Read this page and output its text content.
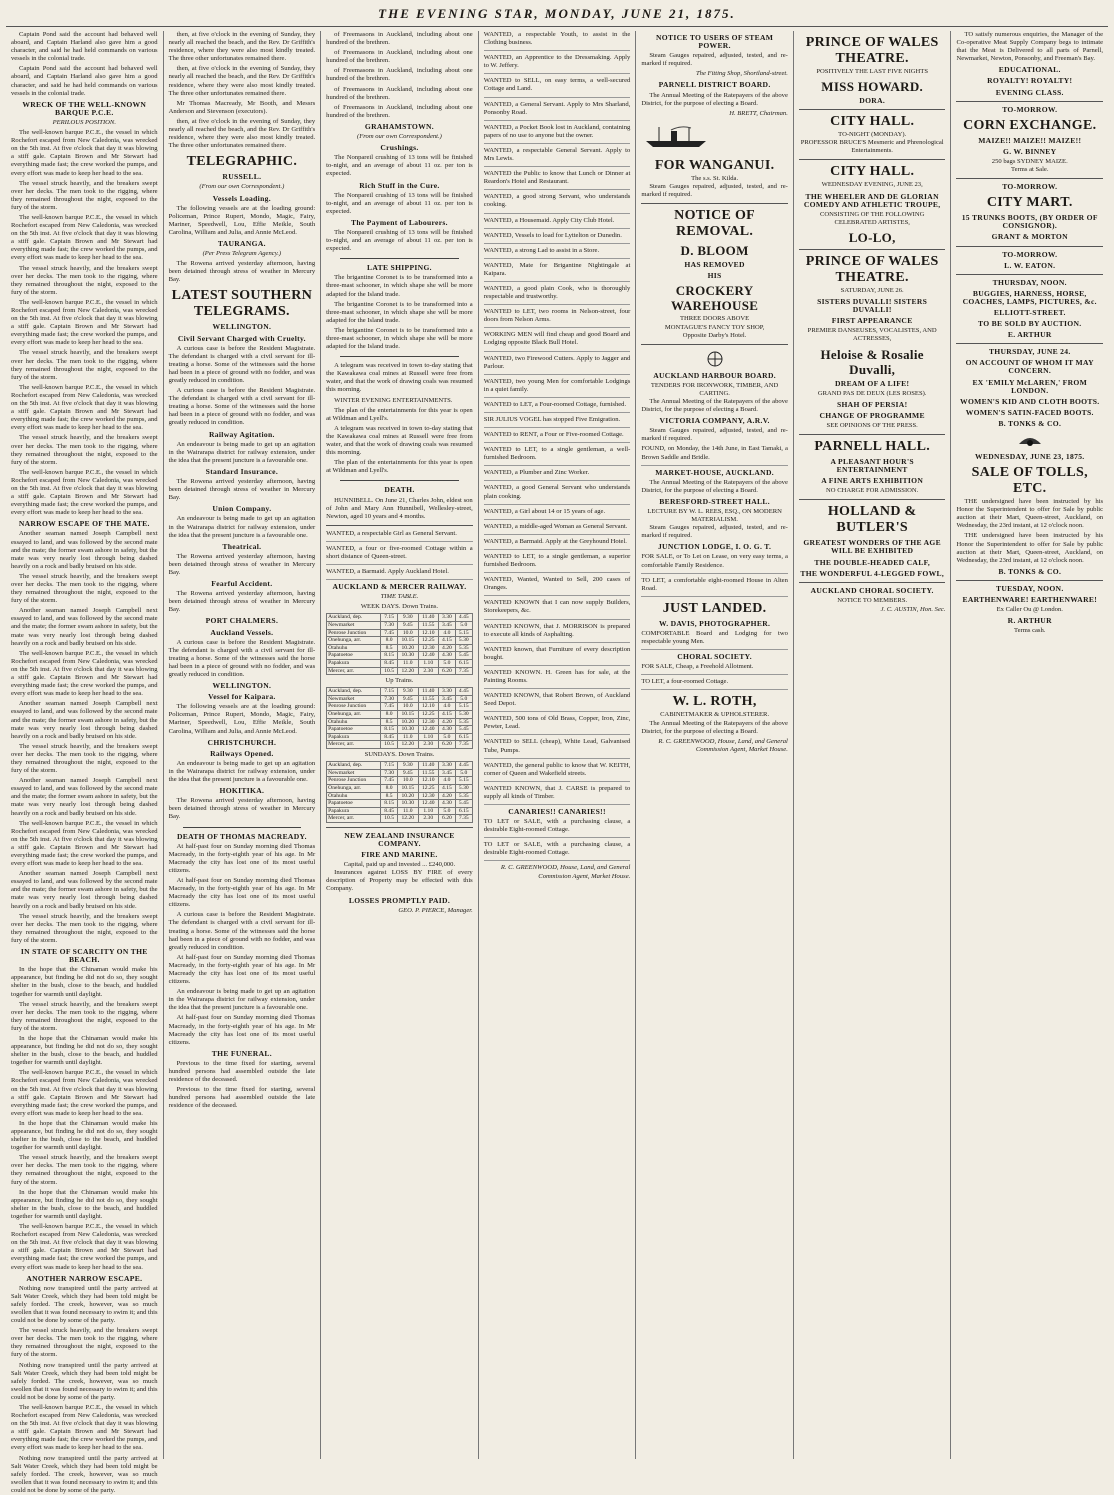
THE EVENING STAR, MONDAY, JUNE 21, 1875.

Captain Pond said the account had behaved well aboard, and Captain Harland also gave him a good character, and said he had held commands on various vessels in the colonial trade.

Captain Pond said the account had behaved well aboard, and Captain Harland also gave him a good character, and said he had held commands on various vessels in the colonial trade.

WRECK OF THE WELL-KNOWN BARQUE P.C.E.
PERILOUS POSITION.

The well-known barque P.C.E., the vessel in which Rochefort escaped from New Caledonia, was wrecked on the 5th inst. At five o'clock that day it was blowing a stiff gale. Captain Brown and Mr Stewart had everything made fast; the crew worked the pumps, and every effort was made to keep her head to the sea.

The vessel struck heavily, and the breakers swept over her decks. The men took to the rigging, where they remained throughout the night, exposed to the fury of the storm.

The well-known barque P.C.E., the vessel in which Rochefort escaped from New Caledonia, was wrecked on the 5th inst. At five o'clock that day it was blowing a stiff gale. Captain Brown and Mr Stewart had everything made fast; the crew worked the pumps, and every effort was made to keep her head to the sea.

The vessel struck heavily, and the breakers swept over her decks. The men took to the rigging, where they remained throughout the night, exposed to the fury of the storm.

The well-known barque P.C.E., the vessel in which Rochefort escaped from New Caledonia, was wrecked on the 5th inst. At five o'clock that day it was blowing a stiff gale. Captain Brown and Mr Stewart had everything made fast; the crew worked the pumps, and every effort was made to keep her head to the sea.

The vessel struck heavily, and the breakers swept over her decks. The men took to the rigging, where they remained throughout the night, exposed to the fury of the storm.

The well-known barque P.C.E., the vessel in which Rochefort escaped from New Caledonia, was wrecked on the 5th inst. At five o'clock that day it was blowing a stiff gale. Captain Brown and Mr Stewart had everything made fast; the crew worked the pumps, and every effort was made to keep her head to the sea.

The vessel struck heavily, and the breakers swept over her decks. The men took to the rigging, where they remained throughout the night, exposed to the fury of the storm.

The well-known barque P.C.E., the vessel in which Rochefort escaped from New Caledonia, was wrecked on the 5th inst. At five o'clock that day it was blowing a stiff gale. Captain Brown and Mr Stewart had everything made fast; the crew worked the pumps, and every effort was made to keep her head to the sea.

NARROW ESCAPE OF THE MATE.

Another seaman named Joseph Campbell next essayed to land, and was followed by the second mate and the mate; the former swam ashore in safety, but the mate was very nearly lost through being dashed heavily on a rock and badly bruised on his side.

The vessel struck heavily, and the breakers swept over her decks. The men took to the rigging, where they remained throughout the night, exposed to the fury of the storm.

Another seaman named Joseph Campbell next essayed to land, and was followed by the second mate and the mate; the former swam ashore in safety, but the mate was very nearly lost through being dashed heavily on a rock and badly bruised on his side.

The well-known barque P.C.E., the vessel in which Rochefort escaped from New Caledonia, was wrecked on the 5th inst. At five o'clock that day it was blowing a stiff gale. Captain Brown and Mr Stewart had everything made fast; the crew worked the pumps, and every effort was made to keep her head to the sea.

Another seaman named Joseph Campbell next essayed to land, and was followed by the second mate and the mate; the former swam ashore in safety, but the mate was very nearly lost through being dashed heavily on a rock and badly bruised on his side.

The vessel struck heavily, and the breakers swept over her decks. The men took to the rigging, where they remained throughout the night, exposed to the fury of the storm.

Another seaman named Joseph Campbell next essayed to land, and was followed by the second mate and the mate; the former swam ashore in safety, but the mate was very nearly lost through being dashed heavily on a rock and badly bruised on his side.

The well-known barque P.C.E., the vessel in which Rochefort escaped from New Caledonia, was wrecked on the 5th inst. At five o'clock that day it was blowing a stiff gale. Captain Brown and Mr Stewart had everything made fast; the crew worked the pumps, and every effort was made to keep her head to the sea.

Another seaman named Joseph Campbell next essayed to land, and was followed by the second mate and the mate; the former swam ashore in safety, but the mate was very nearly lost through being dashed heavily on a rock and badly bruised on his side.

The vessel struck heavily, and the breakers swept over her decks. The men took to the rigging, where they remained throughout the night, exposed to the fury of the storm.

IN STATE OF SCARCITY ON THE BEACH.

In the hope that the Chinaman would make his appearance, but finding he did not do so, they sought shelter in the bush, close to the beach, and huddled together for warmth until daylight.

The vessel struck heavily, and the breakers swept over her decks. The men took to the rigging, where they remained throughout the night, exposed to the fury of the storm.

In the hope that the Chinaman would make his appearance, but finding he did not do so, they sought shelter in the bush, close to the beach, and huddled together for warmth until daylight.

The well-known barque P.C.E., the vessel in which Rochefort escaped from New Caledonia, was wrecked on the 5th inst. At five o'clock that day it was blowing a stiff gale. Captain Brown and Mr Stewart had everything made fast; the crew worked the pumps, and every effort was made to keep her head to the sea.

In the hope that the Chinaman would make his appearance, but finding he did not do so, they sought shelter in the bush, close to the beach, and huddled together for warmth until daylight.

The vessel struck heavily, and the breakers swept over her decks. The men took to the rigging, where they remained throughout the night, exposed to the fury of the storm.

In the hope that the Chinaman would make his appearance, but finding he did not do so, they sought shelter in the bush, close to the beach, and huddled together for warmth until daylight.

The well-known barque P.C.E., the vessel in which Rochefort escaped from New Caledonia, was wrecked on the 5th inst. At five o'clock that day it was blowing a stiff gale. Captain Brown and Mr Stewart had everything made fast; the crew worked the pumps, and every effort was made to keep her head to the sea.

ANOTHER NARROW ESCAPE.

Nothing now transpired until the party arrived at Salt Water Creek, which they had been told might be safely forded. The creek, however, was so much swollen that it was found necessary to swim it; and this could not be done by some of the party.

The vessel struck heavily, and the breakers swept over her decks. The men took to the rigging, where they remained throughout the night, exposed to the fury of the storm.

Nothing now transpired until the party arrived at Salt Water Creek, which they had been told might be safely forded. The creek, however, was so much swollen that it was found necessary to swim it; and this could not be done by some of the party.

The well-known barque P.C.E., the vessel in which Rochefort escaped from New Caledonia, was wrecked on the 5th inst. At five o'clock that day it was blowing a stiff gale. Captain Brown and Mr Stewart had everything made fast; the crew worked the pumps, and every effort was made to keep her head to the sea.

Nothing now transpired until the party arrived at Salt Water Creek, which they had been told might be safely forded. The creek, however, was so much swollen that it was found necessary to swim it; and this could not be done by some of the party.

then, at five o'clock in the evening of Sunday, they nearly all reached the beach, and the Rev. Dr Griffith's residence, where they were also most kindly treated. The three other unfortunates remained there.

then, at five o'clock in the evening of Sunday, they nearly all reached the beach, and the Rev. Dr Griffith's residence, where they were also most kindly treated. The three other unfortunates remained there.

Mr Thomas Macready, Mr Booth, and Messrs Anderson and Stevenson (executors).

then, at five o'clock in the evening of Sunday, they nearly all reached the beach, and the Rev. Dr Griffith's residence, where they were also most kindly treated. The three other unfortunates remained there.

TELEGRAPHIC.
RUSSELL.
(From our own Correspondent.)
Vessels Loading.

The following vessels are at the loading ground: Policeman, Prince Rupert, Mondo, Magic, Fairy, Mariner, Speedwell, Lou, Effie Meikle, South Carolina, William and Julia, and Annie McLeod.

TAURANGA.
(Per Press Telegram Agency.)

The Rowena arrived yesterday afternoon, having been detained through stress of weather in Mercury Bay.

LATEST SOUTHERN TELEGRAMS.
WELLINGTON.
Civil Servant Charged with Cruelty.

A curious case is before the Resident Magistrate. The defendant is charged with a civil servant for ill-treating a horse. Some of the witnesses said the horse had been in a piece of ground with no fodder, and was greatly reduced in condition.

A curious case is before the Resident Magistrate. The defendant is charged with a civil servant for ill-treating a horse. Some of the witnesses said the horse had been in a piece of ground with no fodder, and was greatly reduced in condition.

Railway Agitation.

An endeavour is being made to get up an agitation in the Wairarapa district for railway extension, under the idea that the present juncture is a favourable one.

Standard Insurance.

The Rowena arrived yesterday afternoon, having been detained through stress of weather in Mercury Bay.

Union Company.

An endeavour is being made to get up an agitation in the Wairarapa district for railway extension, under the idea that the present juncture is a favourable one.

Theatrical.

The Rowena arrived yesterday afternoon, having been detained through stress of weather in Mercury Bay.

Fearful Accident.

The Rowena arrived yesterday afternoon, having been detained through stress of weather in Mercury Bay.

PORT CHALMERS.
Auckland Vessels.

A curious case is before the Resident Magistrate. The defendant is charged with a civil servant for ill-treating a horse. Some of the witnesses said the horse had been in a piece of ground with no fodder, and was greatly reduced in condition.

WELLINGTON.
Vessel for Kaipara.

The following vessels are at the loading ground: Policeman, Prince Rupert, Mondo, Magic, Fairy, Mariner, Speedwell, Lou, Effie Meikle, South Carolina, William and Julia, and Annie McLeod.

CHRISTCHURCH.
Railways Opened.

An endeavour is being made to get up an agitation in the Wairarapa district for railway extension, under the idea that the present juncture is a favourable one.

HOKITIKA.

The Rowena arrived yesterday afternoon, having been detained through stress of weather in Mercury Bay.

DEATH OF THOMAS MACREADY.

At half-past four on Sunday morning died Thomas Macready, in the forty-eighth year of his age. In Mr Macready the city has lost one of its most useful citizens.

At half-past four on Sunday morning died Thomas Macready, in the forty-eighth year of his age. In Mr Macready the city has lost one of its most useful citizens.

A curious case is before the Resident Magistrate. The defendant is charged with a civil servant for ill-treating a horse. Some of the witnesses said the horse had been in a piece of ground with no fodder, and was greatly reduced in condition.

At half-past four on Sunday morning died Thomas Macready, in the forty-eighth year of his age. In Mr Macready the city has lost one of its most useful citizens.

An endeavour is being made to get up an agitation in the Wairarapa district for railway extension, under the idea that the present juncture is a favourable one.

At half-past four on Sunday morning died Thomas Macready, in the forty-eighth year of his age. In Mr Macready the city has lost one of its most useful citizens.

THE FUNERAL.

Previous to the time fixed for starting, several hundred persons had assembled outside the late residence of the deceased.

Previous to the time fixed for starting, several hundred persons had assembled outside the late residence of the deceased.

of Freemasons in Auckland, including about one hundred of the brethren.

of Freemasons in Auckland, including about one hundred of the brethren.

of Freemasons in Auckland, including about one hundred of the brethren.

of Freemasons in Auckland, including about one hundred of the brethren.

of Freemasons in Auckland, including about one hundred of the brethren.

GRAHAMSTOWN.
(From our own Correspondent.)
Crushings.

The Nonpareil crushing of 13 tons will be finished to-night, and an average of about 11 oz. per ton is expected.

Rich Stuff in the Cure.

The Nonpareil crushing of 13 tons will be finished to-night, and an average of about 11 oz. per ton is expected.

The Payment of Labourers.

The Nonpareil crushing of 13 tons will be finished to-night, and an average of about 11 oz. per ton is expected.

LATE SHIPPING.

The brigantine Coronet is to be transformed into a three-mast schooner, in which shape she will be more adapted for the Island trade.

The brigantine Coronet is to be transformed into a three-mast schooner, in which shape she will be more adapted for the Island trade.

The brigantine Coronet is to be transformed into a three-mast schooner, in which shape she will be more adapted for the Island trade.

A telegram was received in town to-day stating that the Kawakawa coal mines at Russell were free from water, and that the work of drawing coals was resumed this morning.

WINTER EVENING ENTERTAINMENTS.

The plan of the entertainments for this year is open at Wildman and Lyell's.

A telegram was received in town to-day stating that the Kawakawa coal mines at Russell were free from water, and that the work of drawing coals was resumed this morning.

The plan of the entertainments for this year is open at Wildman and Lyell's.

DEATH.

HUNNIBELL. On June 21, Charles John, eldest son of John and Mary Ann Hunnibell, Wellesley-street, Newton, aged 10 years and 4 months.

WANTED, a respectable Girl as General Servant.
WANTED, a four or five-roomed Cottage within a short distance of Queen-street.
WANTED, a Barmaid. Apply Auckland Hotel.
AUCKLAND & MERCER RAILWAY.
TIME TABLE.
WEEK DAYS. Down Trains.
Auckland, dep.	7.15	9.30	11.40	3.30	4.45
Newmarket	7.30	9.45	11.55	3.45	5.0
Penrose Junction	7.45	10.0	12.10	4.0	5.15
Onehunga, arr.	8.0	10.15	12.25	4.15	5.30
Otahuhu	8.5	10.20	12.30	4.20	5.35
Papatoetoe	8.15	10.30	12.40	4.30	5.45
Papakura	8.45	11.0	1.10	5.0	6.15
Mercer, arr.	10.5	12.20	2.30	6.20	7.35
Up Trains.
Auckland, dep.	7.15	9.30	11.40	3.30	4.45
Newmarket	7.30	9.45	11.55	3.45	5.0
Penrose Junction	7.45	10.0	12.10	4.0	5.15
Onehunga, arr.	8.0	10.15	12.25	4.15	5.30
Otahuhu	8.5	10.20	12.30	4.20	5.35
Papatoetoe	8.15	10.30	12.40	4.30	5.45
Papakura	8.45	11.0	1.10	5.0	6.15
Mercer, arr.	10.5	12.20	2.30	6.20	7.35
SUNDAYS. Down Trains.
Auckland, dep.	7.15	9.30	11.40	3.30	4.45
Newmarket	7.30	9.45	11.55	3.45	5.0
Penrose Junction	7.45	10.0	12.10	4.0	5.15
Onehunga, arr.	8.0	10.15	12.25	4.15	5.30
Otahuhu	8.5	10.20	12.30	4.20	5.35
Papatoetoe	8.15	10.30	12.40	4.30	5.45
Papakura	8.45	11.0	1.10	5.0	6.15
Mercer, arr.	10.5	12.20	2.30	6.20	7.35
NEW ZEALAND INSURANCE COMPANY.
FIRE AND MARINE.
Capital, paid up and invested ... £240,000.

Insurances against LOSS BY FIRE of every description of Property may be effected with this Company.

LOSSES PROMPTLY PAID.
GEO. P. PIERCE, Manager.
WANTED, a respectable Youth, to assist in the Clothing business.
WANTED, an Apprentice to the Dressmaking. Apply to W. Jeffery.
WANTED to SELL, on easy terms, a well-secured Cottage and Land.
WANTED, a General Servant. Apply to Mrs Sharland, Ponsonby Road.
WANTED, a Pocket Book lost in Auckland, containing papers of no use to anyone but the owner.
WANTED, a respectable General Servant. Apply to Mrs Lewis.
WANTED the Public to know that Lunch or Dinner at Reardon's Hotel and Restaurant.
WANTED, a good strong Servant, who understands cooking.
WANTED, a Housemaid. Apply City Club Hotel.
WANTED, Vessels to load for Lyttelton or Dunedin.
WANTED, a strong Lad to assist in a Store.
WANTED, Mate for Brigantine Nightingale at Kaipara.
WANTED, a good plain Cook, who is thoroughly respectable and trustworthy.
WANTED to LET, two rooms in Nelson-street, four doors from Nelson Arms.
WORKING MEN will find cheap and good Board and Lodging opposite Black Bull Hotel.
WANTED, two Firewood Cutters. Apply to Jagger and Parlour.
WANTED, two young Men for comfortable Lodgings in a quiet family.
WANTED to LET, a Four-roomed Cottage, furnished.
SIR JULIUS VOGEL has stopped Five Emigration.
WANTED to RENT, a Four or Five-roomed Cottage.
WANTED to LET, to a single gentleman, a well-furnished Bedroom.
WANTED, a Plumber and Zinc Worker.
WANTED, a good General Servant who understands plain cooking.
WANTED, a Girl about 14 or 15 years of age.
WANTED, a middle-aged Woman as General Servant.
WANTED, a Barmaid. Apply at the Greyhound Hotel.
WANTED to LET, to a single gentleman, a superior furnished Bedroom.
WANTED, Wanted, Wanted to Sell, 200 cases of Oranges.
WANTED KNOWN that I can now supply Builders, Storekeepers, &c.
WANTED KNOWN, that J. MORRISON is prepared to execute all kinds of Asphalting.
WANTED known, that Furniture of every description bought.
WANTED KNOWN. H. Green has for sale, at the Painting Rooms.
WANTED KNOWN, that Robert Brown, of Auckland Seed Depot.
WANTED, 500 tons of Old Brass, Copper, Iron, Zinc, Pewter, Lead.
WANTED to SELL (cheap), White Lead, Galvanised Tube, Pumps.
WANTED, the general public to know that W. KEITH, corner of Queen and Wakefield streets.
WANTED KNOWN, that J. CARSE is prepared to supply all kinds of Timber.
CANARIES!! CANARIES!!
TO LET or SALE, with a purchasing clause, a desirable Eight-roomed Cottage.
TO LET or SALE, with a purchasing clause, a desirable Eight-roomed Cottage.
R. C. GREENWOOD, House, Land, and General Commission Agent, Market House.
NOTICE TO USERS OF STEAM POWER.

Steam Gauges repaired, adjusted, tested, and re-marked if required.

The Fitting Shop, Shortland-street.
PARNELL DISTRICT BOARD.

The Annual Meeting of the Ratepayers of the above District, for the purpose of electing a Board.

H. BRETT, Chairman.
FOR WANGANUI.
The s.s. St. Kilda.

Steam Gauges repaired, adjusted, tested, and re-marked if required.

NOTICE OF REMOVAL.
D. BLOOM
HAS REMOVED
HIS
CROCKERY WAREHOUSE
THREE DOORS ABOVE
MONTAGUE'S FANCY TOY SHOP,
Opposite Darby's Hotel.
AUCKLAND HARBOUR BOARD.
TENDERS FOR IRONWORK, TIMBER, AND CARTING.

The Annual Meeting of the Ratepayers of the above District, for the purpose of electing a Board.

VICTORIA COMPANY, A.R.V.

Steam Gauges repaired, adjusted, tested, and re-marked if required.

FOUND, on Monday, the 14th June, in East Tamaki, a Brown Saddle and Bridle.
MARKET-HOUSE, AUCKLAND.

The Annual Meeting of the Ratepayers of the above District, for the purpose of electing a Board.

BERESFORD-STREET HALL.
LECTURE BY W. L. REES, ESQ., ON MODERN MATERIALISM.

Steam Gauges repaired, adjusted, tested, and re-marked if required.

JUNCTION LODGE, I. O. G. T.
FOR SALE, or To Let on Lease, on very easy terms, a comfortable Family Residence.
TO LET, a comfortable eight-roomed House in Alten Road.
JUST LANDED.
W. DAVIS, PHOTOGRAPHER.
COMFORTABLE Board and Lodging for two respectable young Men.
CHORAL SOCIETY.
FOR SALE, Cheap, a Freehold Allotment.
TO LET, a four-roomed Cottage.
W. L. ROTH,
CABINETMAKER & UPHOLSTERER.

The Annual Meeting of the Ratepayers of the above District, for the purpose of electing a Board.

R. C. GREENWOOD, House, Land, and General Commission Agent, Market House.
PRINCE OF WALES THEATRE.
POSITIVELY THE LAST FIVE NIGHTS
MISS HOWARD.
DORA.
CITY HALL.
TO-NIGHT (MONDAY).
PROFESSOR BRUCE'S Mesmeric and Phrenological Entertainments.
CITY HALL.
WEDNESDAY EVENING, JUNE 23,
THE WHEELER AND DE GLORIAN COMEDY AND ATHLETIC TROUPE,
CONSISTING OF THE FOLLOWING CELEBRATED ARTISTES,
LO-LO,
PRINCE OF WALES THEATRE.
SATURDAY, JUNE 26.
SISTERS DUVALLI! SISTERS DUVALLI!
FIRST APPEARANCE
PREMIER DANSEUSES, VOCALISTES, AND ACTRESSES,
Heloise & Rosalie Duvalli,
DREAM OF A LIFE!
GRAND PAS DE DEUX (LES ROSES).
SHAH OF PERSIA!
CHANGE OF PROGRAMME
SEE OPINIONS OF THE PRESS.
PARNELL HALL.
A PLEASANT HOUR'S ENTERTAINMENT
A FINE ARTS EXHIBITION
NO CHARGE FOR ADMISSION.
HOLLAND & BUTLER'S
GREATEST WONDERS OF THE AGE WILL BE EXHIBITED
THE DOUBLE-HEADED CALF,
THE WONDERFUL 4-LEGGED FOWL,
AUCKLAND CHORAL SOCIETY.
NOTICE TO MEMBERS.
J. C. AUSTIN, Hon. Sec.

TO satisfy numerous enquiries, the Manager of the Co-operative Meat Supply Company begs to intimate that the Meat is Delivered to all parts of Parnell, Newmarket, Newton, Ponsonby, and Freeman's Bay.

EDUCATIONAL.
ROYALTY! ROYALTY!
EVENING CLASS.
TO-MORROW.
CORN EXCHANGE.
MAIZE!! MAIZE!! MAIZE!!
G. W. BINNEY
250 bags SYDNEY MAIZE.
Terms at Sale.
TO-MORROW.
CITY MART.
15 TRUNKS BOOTS, (BY ORDER OF CONSIGNOR).
GRANT & MORTON
TO-MORROW.
L. W. EATON.
THURSDAY, NOON.
BUGGIES, HARNESS, HORSE, COACHES, LAMPS, PICTURES, &c.
ELLIOTT-STREET.
TO BE SOLD BY AUCTION.
E. ARTHUR
THURSDAY, JUNE 24.
ON ACCOUNT OF WHOM IT MAY CONCERN.
EX 'EMILY McLAREN,' FROM LONDON.
WOMEN'S KID AND CLOTH BOOTS.
WOMEN'S SATIN-FACED BOOTS.
B. TONKS & CO.
WEDNESDAY, JUNE 23, 1875.
SALE OF TOLLS, ETC.

THE undersigned have been instructed by his Honor the Superintendent to offer for Sale by public auction at their Mart, Queen-street, Auckland, on Wednesday, the 23rd instant, at 12 o'clock noon.

THE undersigned have been instructed by his Honor the Superintendent to offer for Sale by public auction at their Mart, Queen-street, Auckland, on Wednesday, the 23rd instant, at 12 o'clock noon.

B. TONKS & CO.
TUESDAY, NOON.
EARTHENWARE! EARTHENWARE!
Ex Caller Ou @ London.
R. ARTHUR
Terms cash.
